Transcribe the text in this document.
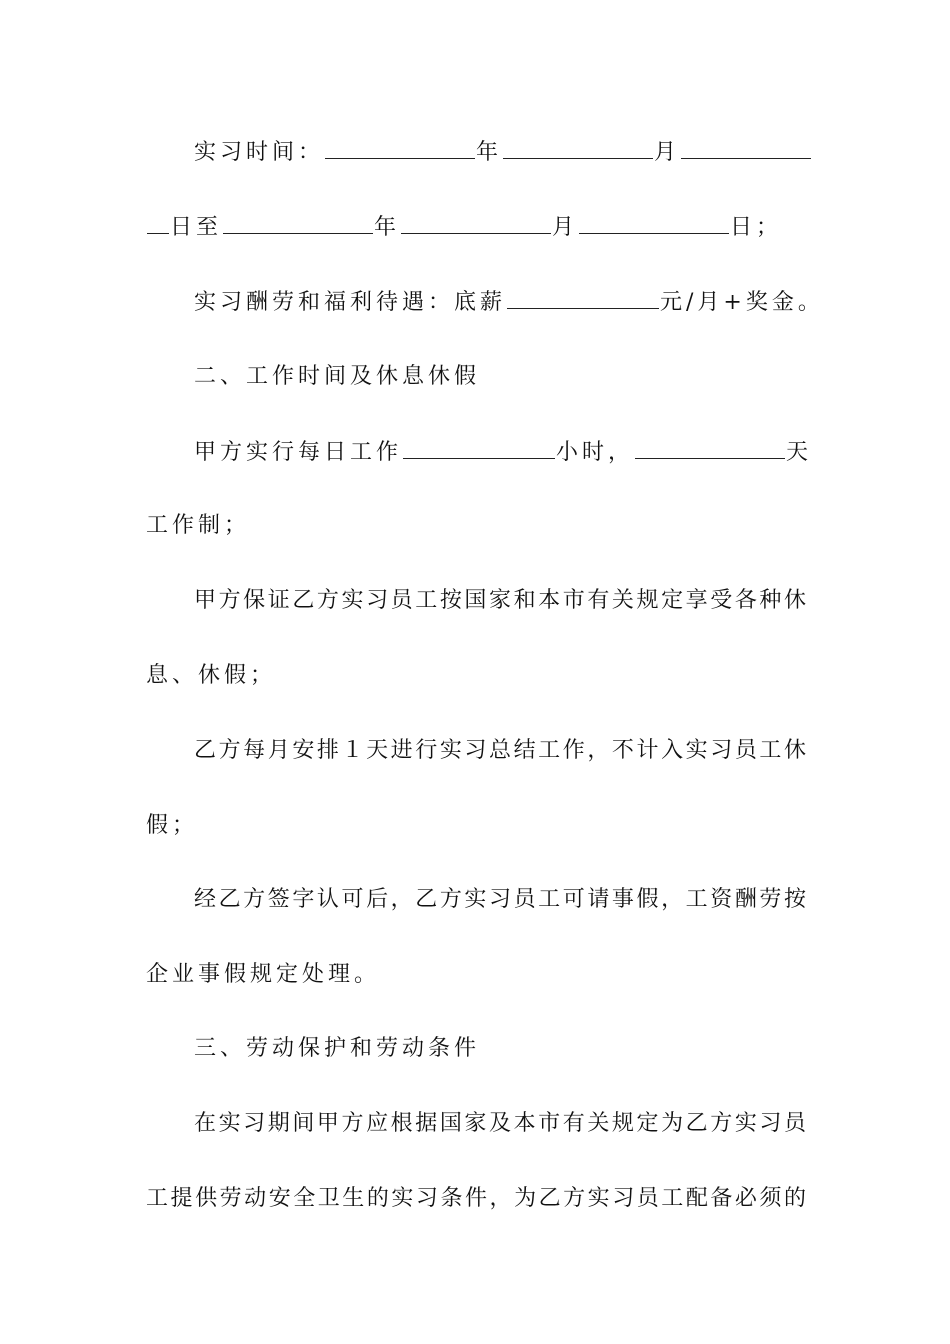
实习时间：	年	月
日至	年	月	日；
实习酬劳和福利待遇：底薪	元/月+奖金。
二、工作时间及休息休假
甲方实行每日工作	小时，	天
工作制；
甲方保证乙方实习员工按国家和本市有关规定享受各种休
息、休假；
乙方每月安排１天进行实习总结工作，不计入实习员工休
假；
经乙方签字认可后，乙方实习员工可请事假，工资酬劳按
企业事假规定处理。
三、劳动保护和劳动条件
在实习期间甲方应根据国家及本市有关规定为乙方实习员
工提供劳动安全卫生的实习条件，为乙方实习员工配备必须的
